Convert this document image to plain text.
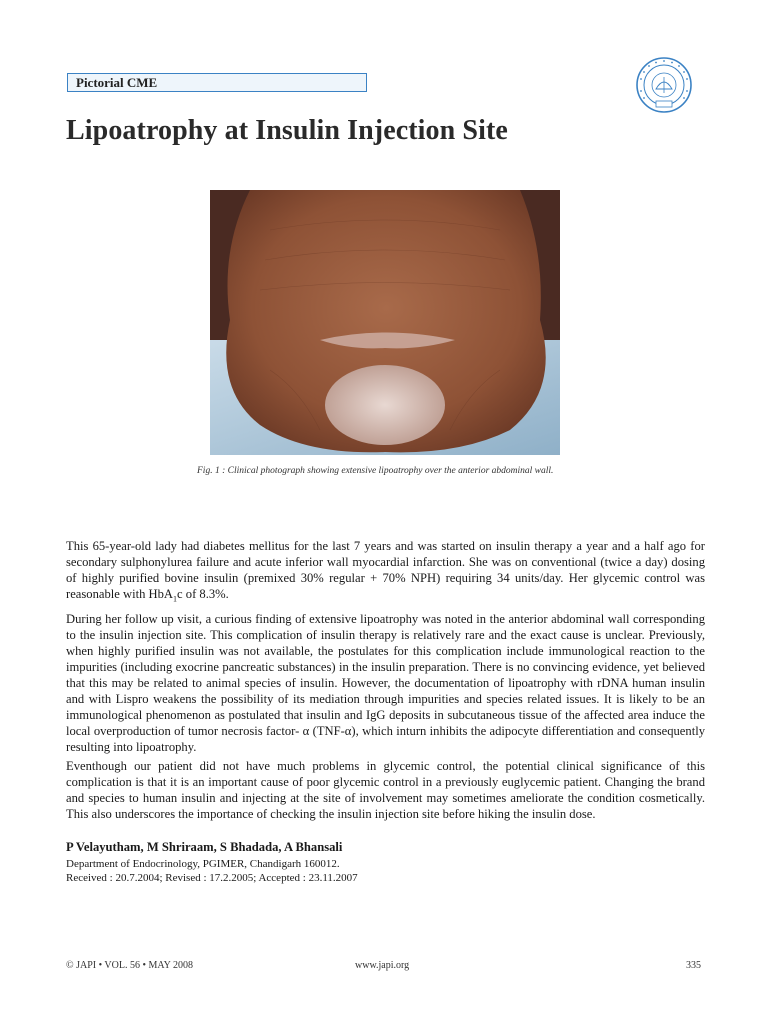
Pictorial CME
Lipoatrophy at Insulin Injection Site
Fig. 1 : Clinical photograph showing extensive lipoatrophy over the anterior abdominal wall.

This 65-year-old lady had diabetes mellitus for the last 7 years and was started on insulin therapy a year and a half ago for secondary sulphonylurea failure and acute inferior wall myocardial infarction. She was on conventional (twice a day) dosing of highly purified bovine insulin (premixed 30% regular + 70% NPH) requiring 34 units/day. Her glycemic control was reasonable with HbA$_1$c of 8.3%.

During her follow up visit, a curious finding of extensive lipoatrophy was noted in the anterior abdominal wall corresponding to the insulin injection site. This complication of insulin therapy is relatively rare and the exact cause is unclear. Previously, when highly purified insulin was not available, the postulates for this complication include immunological reaction to the impurities (including exocrine pancreatic substances) in the insulin preparation. There is no convincing evidence, yet believed that this may be related to animal species of insulin. However, the documentation of lipoatrophy with rDNA human insulin and with Lispro weakens the possibility of its mediation through impurities and species related issues. It is likely to be an immunological phenomenon as postulated that insulin and IgG deposits in subcutaneous tissue of the affected area induce the local overproduction of tumor necrosis factor- α (TNF-α), which inturn inhibits the adipocyte differentiation and consequently resulting into lipoatrophy.

Eventhough our patient did not have much problems in glycemic control, the potential clinical significance of this complication is that it is an important cause of poor glycemic control in a previously euglycemic patient. Changing the brand and species to human insulin and injecting at the site of involvement may sometimes ameliorate the condition cosmetically. This also underscores the importance of checking the insulin injection site before hiking the insulin dose.

P Velayutham, M Shriraam, S Bhadada, A Bhansali
Department of Endocrinology, PGIMER, Chandigarh 160012.
Received : 20.7.2004; Revised : 17.2.2005; Accepted : 23.11.2007
© JAPI • VOL. 56 • MAY 2008	www.japi.org	335
